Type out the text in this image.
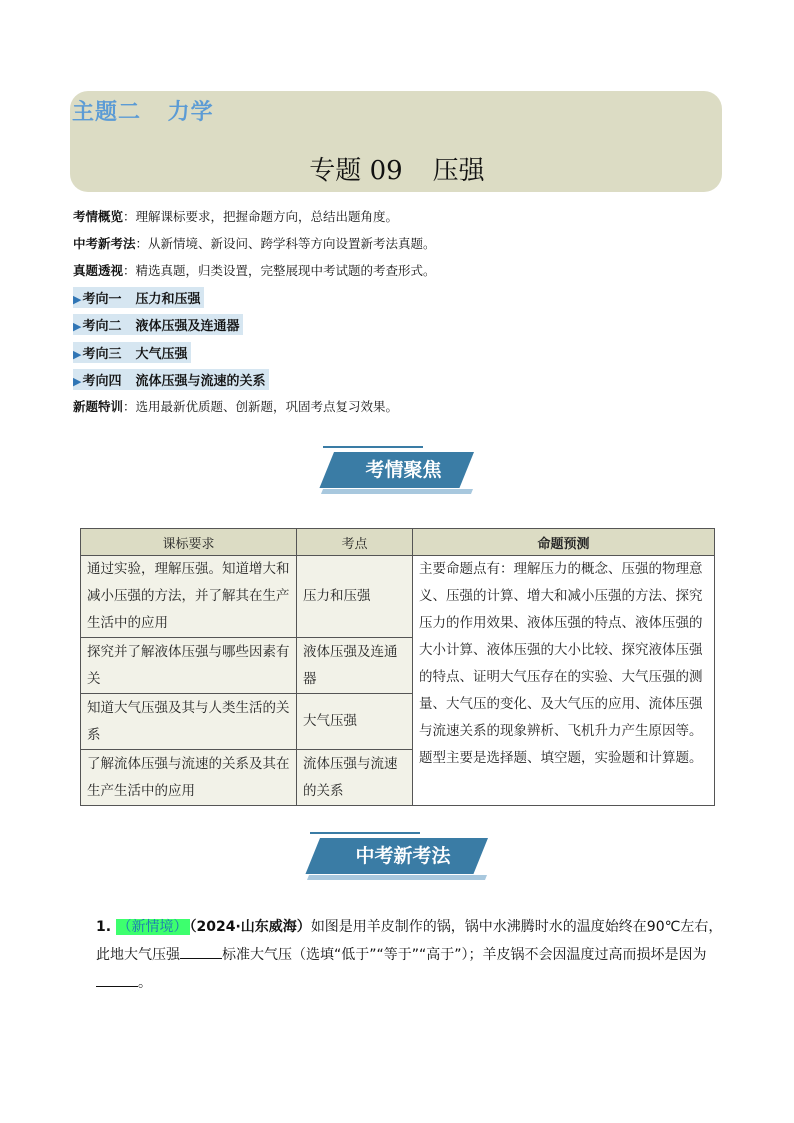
主题二 力学
专题 09 压强
考情概览：理解课标要求，把握命题方向，总结出题角度。
中考新考法：从新情境、新设问、跨学科等方向设置新考法真题。
真题透视：精选真题，归类设置，完整展现中考试题的考查形式。
▶考向一 压力和压强
▶考向二 液体压强及连通器
▶考向三 大气压强
▶考向四 流体压强与流速的关系
新题特训：选用最新优质题、创新题，巩固考点复习效果。
考情聚焦
课标要求	考点	命题预测
通过实验，理解压强。知道增大和减小压强的方法，并了解其在生产生活中的应用	压力和压强	主要命题点有：理解压力的概念、压强的物理意义、压强的计算、增大和减小压强的方法、探究压力的作用效果、液体压强的特点、液体压强的大小计算、液体压强的大小比较、探究液体压强的特点、证明大气压存在的实验、大气压强的测量、大气压的变化、及大气压的应用、流体压强与流速关系的现象辨析、飞机升力产生原因等。
题型主要是选择题、填空题，实验题和计算题。

探究并了解液体压强与哪些因素有关	液体压强及连通器	
知道大气压强及其与人类生活的关系	大气压强	
了解流体压强与流速的关系及其在生产生活中的应用	流体压强与流速的关系	
中考新考法
1. （新情境） （2024·山东威海）如图是用羊皮制作的锅，锅中水沸腾时水的温度始终在90℃左右，此地大气压强	标准大气压（选填“低于”“等于”“高于”）；羊皮锅不会因温度过高而损坏是因为。
